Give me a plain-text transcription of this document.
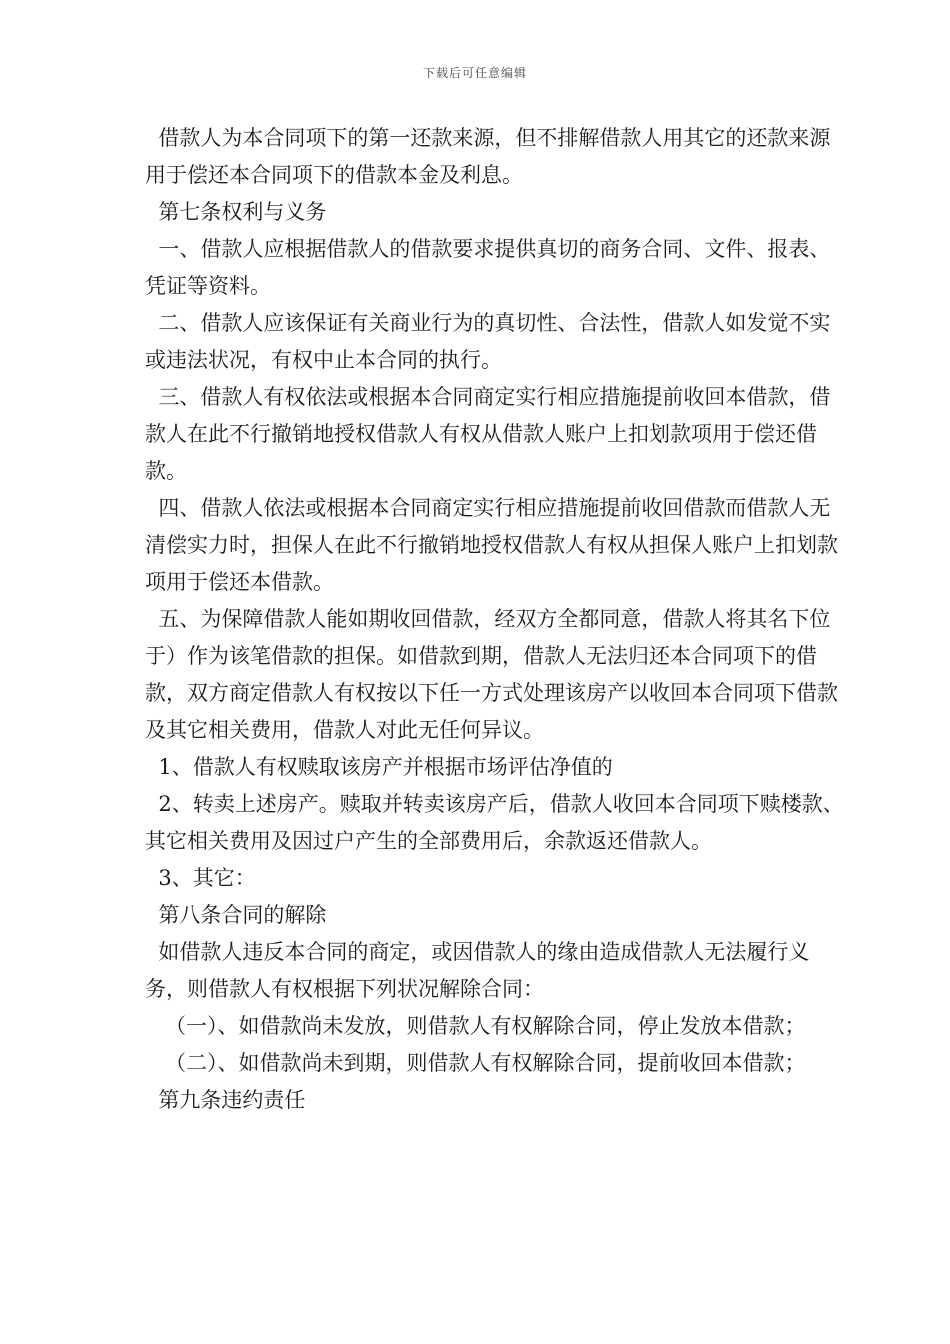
下载后可任意编辑

借款人为本合同项下的第一还款来源，但不排解借款人用其它的还款来源用于偿还本合同项下的借款本金及利息。

第七条权利与义务

一、借款人应根据借款人的借款要求提供真切的商务合同、文件、报表、凭证等资料。

二、借款人应该保证有关商业行为的真切性、合法性，借款人如发觉不实或违法状况，有权中止本合同的执行。

三、借款人有权依法或根据本合同商定实行相应措施提前收回本借款，借款人在此不行撤销地授权借款人有权从借款人账户上扣划款项用于偿还借款。

四、借款人依法或根据本合同商定实行相应措施提前收回借款而借款人无清偿实力时，担保人在此不行撤销地授权借款人有权从担保人账户上扣划款项用于偿还本借款。

五、为保障借款人能如期收回借款，经双方全都同意，借款人将其名下位于）作为该笔借款的担保。如借款到期，借款人无法归还本合同项下的借款，双方商定借款人有权按以下任一方式处理该房产以收回本合同项下借款及其它相关费用，借款人对此无任何异议。

1、借款人有权赎取该房产并根据市场评估净值的

2、转卖上述房产。赎取并转卖该房产后，借款人收回本合同项下赎楼款、其它相关费用及因过户产生的全部费用后，余款返还借款人。

3、其它：

第八条合同的解除

如借款人违反本合同的商定，或因借款人的缘由造成借款人无法履行义务，则借款人有权根据下列状况解除合同：

（一）、如借款尚未发放，则借款人有权解除合同，停止发放本借款；

（二）、如借款尚未到期，则借款人有权解除合同，提前收回本借款；

第九条违约责任
